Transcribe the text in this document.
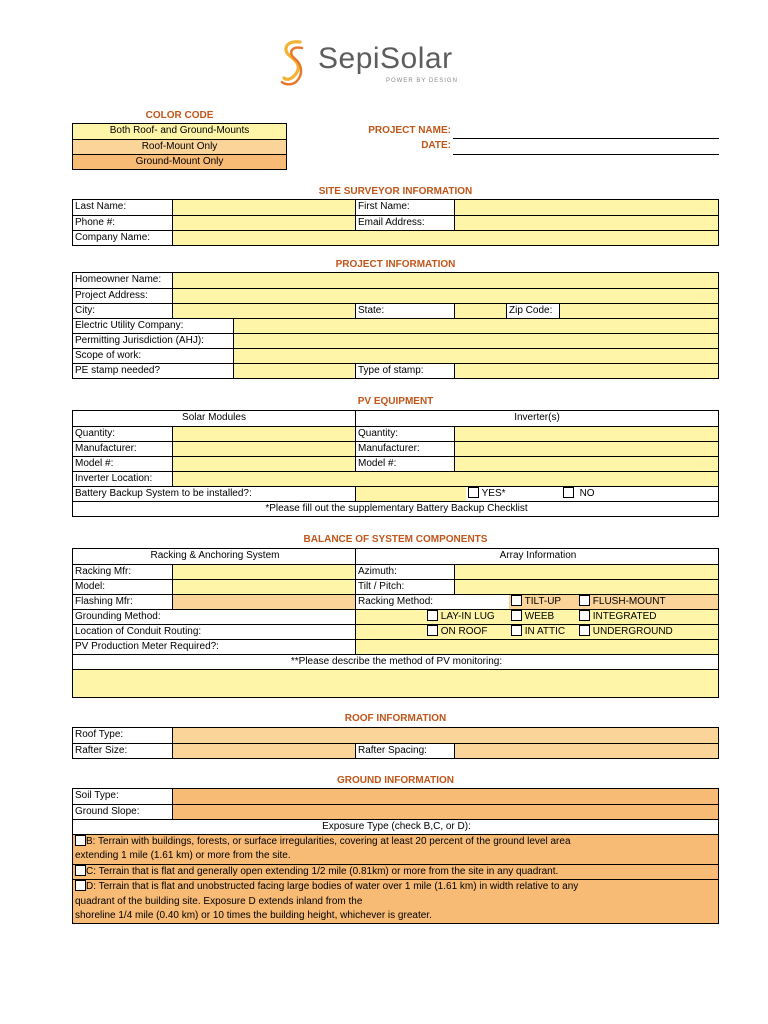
SepiSolar
POWER BY DESIGN
COLOR CODE
Both Roof- and Ground-Mounts
Roof-Mount Only
Ground-Mount Only
PROJECT NAME:
DATE:
SITE SURVEYOR INFORMATION
Last Name:	First Name:
Phone #:	Email Address:
Company Name:
PROJECT INFORMATION
Homeowner Name:
Project Address:
City:	State:	Zip Code:
Electric Utility Company:
Permitting Jurisdiction (AHJ):
Scope of work:
PE stamp needed?	Type of stamp:
PV EQUIPMENT
Solar Modules	Inverter(s)
Quantity:	Quantity:
Manufacturer:	Manufacturer:
Model #:	Model #:
Inverter Location:
Battery Backup System to be installed?:	YES*	NO
*Please fill out the supplementary Battery Backup Checklist
BALANCE OF SYSTEM COMPONENTS
Racking & Anchoring System	Array Information
Racking Mfr:	Azimuth:
Model:	Tilt / Pitch:
Flashing Mfr:	Racking Method:	TILT-UP	FLUSH-MOUNT
Grounding Method:	LAY-IN LUG	WEEB	INTEGRATED
Location of Conduit Routing:	ON ROOF	IN ATTIC	UNDERGROUND
PV Production Meter Required?:
**Please describe the method of PV monitoring:
ROOF INFORMATION
Roof Type:
Rafter Size:	Rafter Spacing:
GROUND INFORMATION
Soil Type:
Ground Slope:
Exposure Type (check B,C, or D):
B: Terrain with buildings, forests, or surface irregularities, covering at least 20 percent of the ground level area
extending 1 mile (1.61 km) or more from the site.
C: Terrain that is flat and generally open extending 1/2 mile (0.81km) or more from the site in any quadrant.
D: Terrain that is flat and unobstructed facing large bodies of water over 1 mile (1.61 km) in width relative to any
quadrant of the building site. Exposure D extends inland from the
shoreline 1/4 mile (0.40 km) or 10 times the building height, whichever is greater.
